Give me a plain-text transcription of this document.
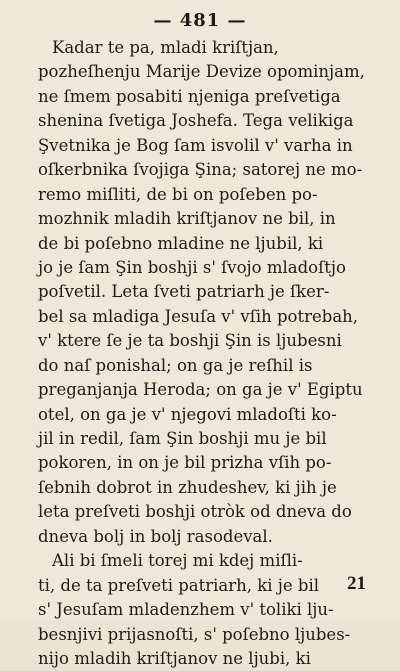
— 481 —
Kadar te pa, mladi kriſtjan,
pozheſhenju Marije Devize opominjam,
ne ſmem posabiti njeniga preſvetiga
shenina ſvetiga Joshefa. Tega velikiga
Şvetnika je Bog ſam isvolil v' varha in
oſkerbnika ſvojiga Şina; satorej ne mo-
remo miſliti, de bi on poſeben po-
mozhnik mladih kriſtjanov ne bil, in
de bi poſebno mladine ne ljubil, ki
jo je ſam Şin boshji s' ſvojo mladoſtjo
poſvetil. Leta ſveti patriarh je ſker-
bel sa mladiga Jesuſa v' vſih potrebah,
v' ktere ſe je ta boshji Şin is ljubesni
do naſ ponishal; on ga je reſhil is
preganjanja Heroda; on ga je v' Egiptu
otel, on ga je v' njegovi mladoſti ko-
jil in redil, ſam Şin boshji mu je bil
pokoren, in on je bil prizha vſih po-
ſebnih dobrot in zhudeshev, ki jih je
leta preſveti boshji otròk od dneva do
dneva bolj in bolj rasodeval.
Ali bi ſmeli torej mi kdej miſli-
ti, de ta preſveti patriarh, ki je bil
s' Jesuſam mladenzhem v' toliki lju-
besnjivi prijasnoſti, s' poſebno ljubes-
nijo mladih kriſtjanov ne ljubi, ki
21
